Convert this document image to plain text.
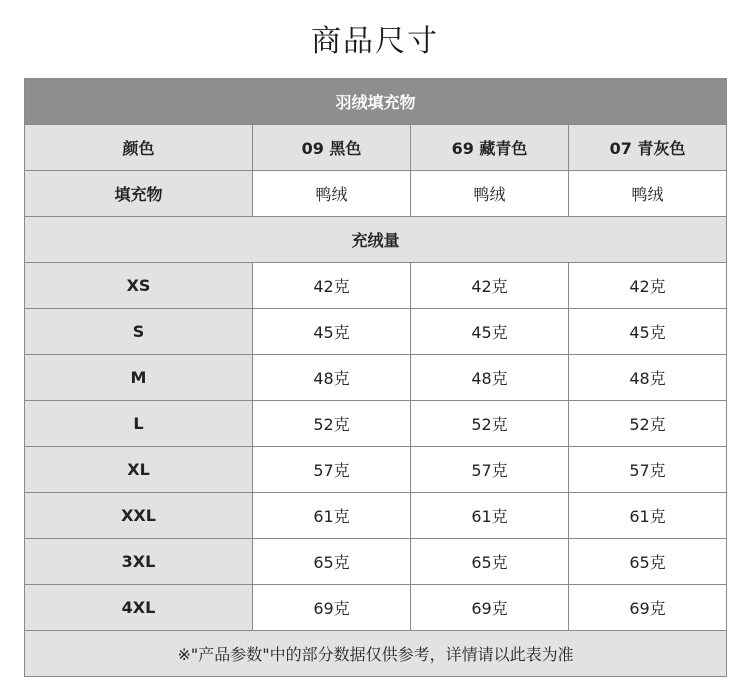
商品尺寸
羽绒填充物			
颜色	09 黑色	69 藏青色	07 青灰色
填充物	鸭绒	鸭绒	鸭绒
充绒量			
XS	42克	42克	42克
S	45克	45克	45克
M	48克	48克	48克
L	52克	52克	52克
XL	57克	57克	57克
XXL	61克	61克	61克
3XL	65克	65克	65克
4XL	69克	69克	69克
※"产品参数"中的部分数据仅供参考，详情请以此表为准			
